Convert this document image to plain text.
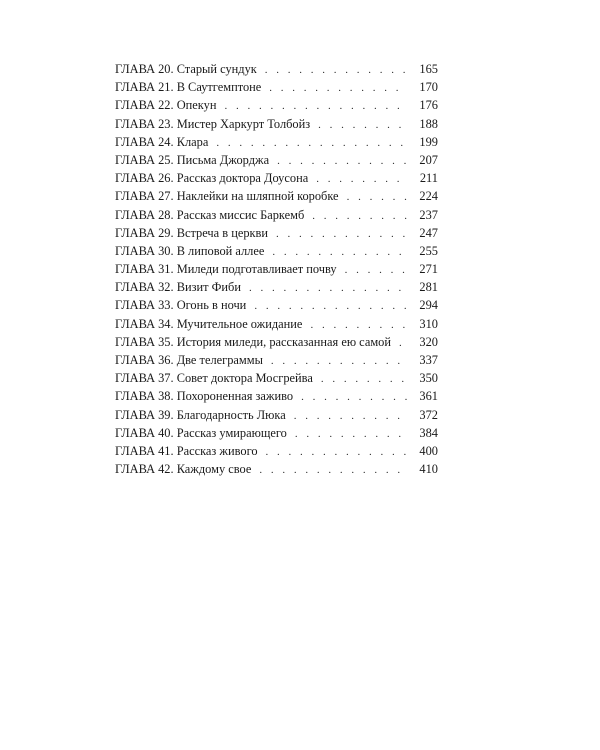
ГЛАВА 20. Старый сундук . . .	165
ГЛАВА 21. В Саутгемптоне . . .	170
ГЛАВА 22. Опекун . . .	176
ГЛАВА 23. Мистер Харкурт Толбойз . . .	188
ГЛАВА 24. Клара . . .	199
ГЛАВА 25. Письма Джорджа . . .	207
ГЛАВА 26. Рассказ доктора Доусона . . .	211
ГЛАВА 27. Наклейки на шляпной коробке . . .	224
ГЛАВА 28. Рассказ миссис Баркемб . . .	237
ГЛАВА 29. Встреча в церкви . . .	247
ГЛАВА 30. В липовой аллее . . .	255
ГЛАВА 31. Миледи подготавливает почву . . .	271
ГЛАВА 32. Визит Фиби . . .	281
ГЛАВА 33. Огонь в ночи . . .	294
ГЛАВА 34. Мучительное ожидание . . .	310
ГЛАВА 35. История миледи, рассказанная ею самой . . .	320
ГЛАВА 36. Две телеграммы . . .	337
ГЛАВА 37. Совет доктора Мосгрейва . . .	350
ГЛАВА 38. Похороненная заживо . . .	361
ГЛАВА 39. Благодарность Люка . . .	372
ГЛАВА 40. Рассказ умирающего . . .	384
ГЛАВА 41. Рассказ живого . . .	400
ГЛАВА 42. Каждому свое . . .	410
